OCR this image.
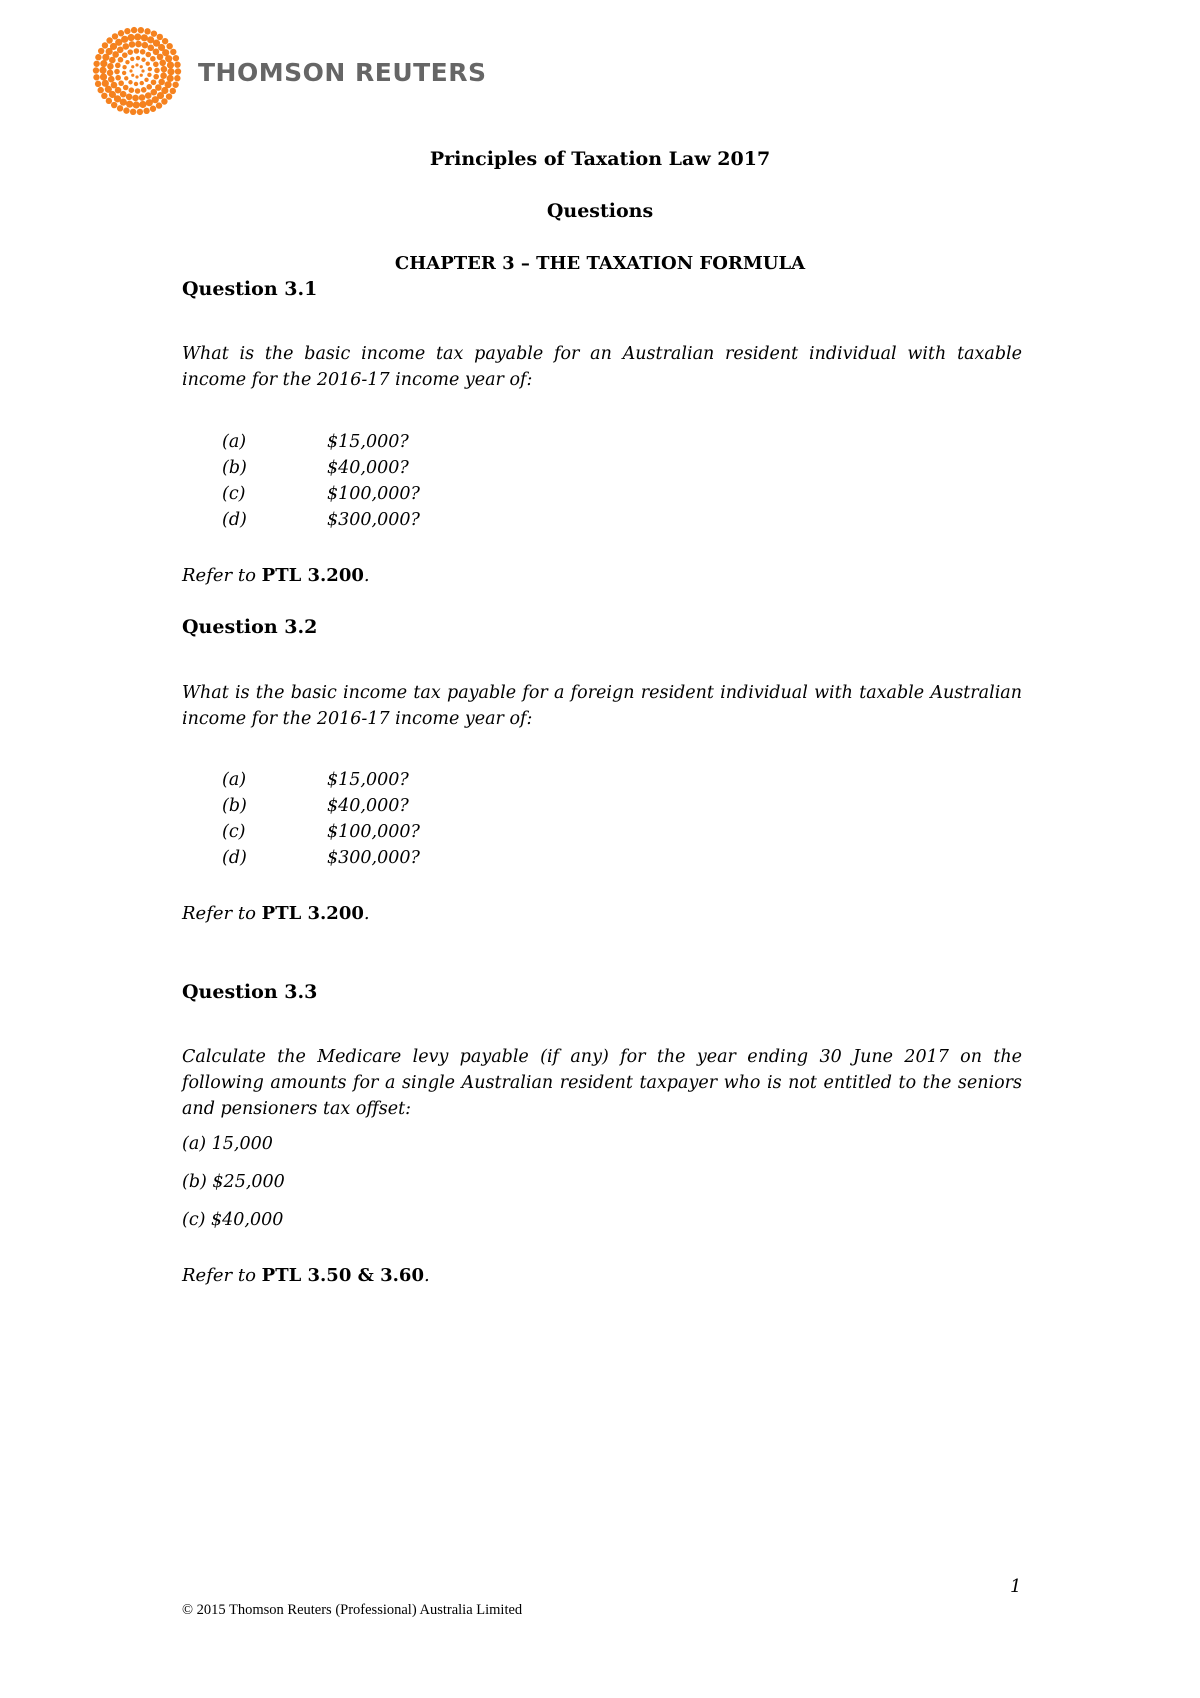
THOMSON REUTERS
Principles of Taxation Law 2017
Questions
CHAPTER 3 – THE TAXATION FORMULA
Question 3.1

What is the basic income tax payable for an Australian resident individual with taxable income for the 2016-17 income year of:

(a)	$15,000?
(b)	$40,000?
(c)	$100,000?
(d)	$300,000?
Refer to PTL 3.200.
Question 3.2

What is the basic income tax payable for a foreign resident individual with taxable Australian income for the 2016-17 income year of:

(a)	$15,000?
(b)	$40,000?
(c)	$100,000?
(d)	$300,000?
Refer to PTL 3.200.
Question 3.3

Calculate the Medicare levy payable (if any) for the year ending 30 June 2017 on the following amounts for a single Australian resident taxpayer who is not entitled to the seniors and pensioners tax offset:

(a) 15,000
(b) $25,000
(c) $40,000
Refer to PTL 3.50 & 3.60.
1
© 2015 Thomson Reuters (Professional) Australia Limited
